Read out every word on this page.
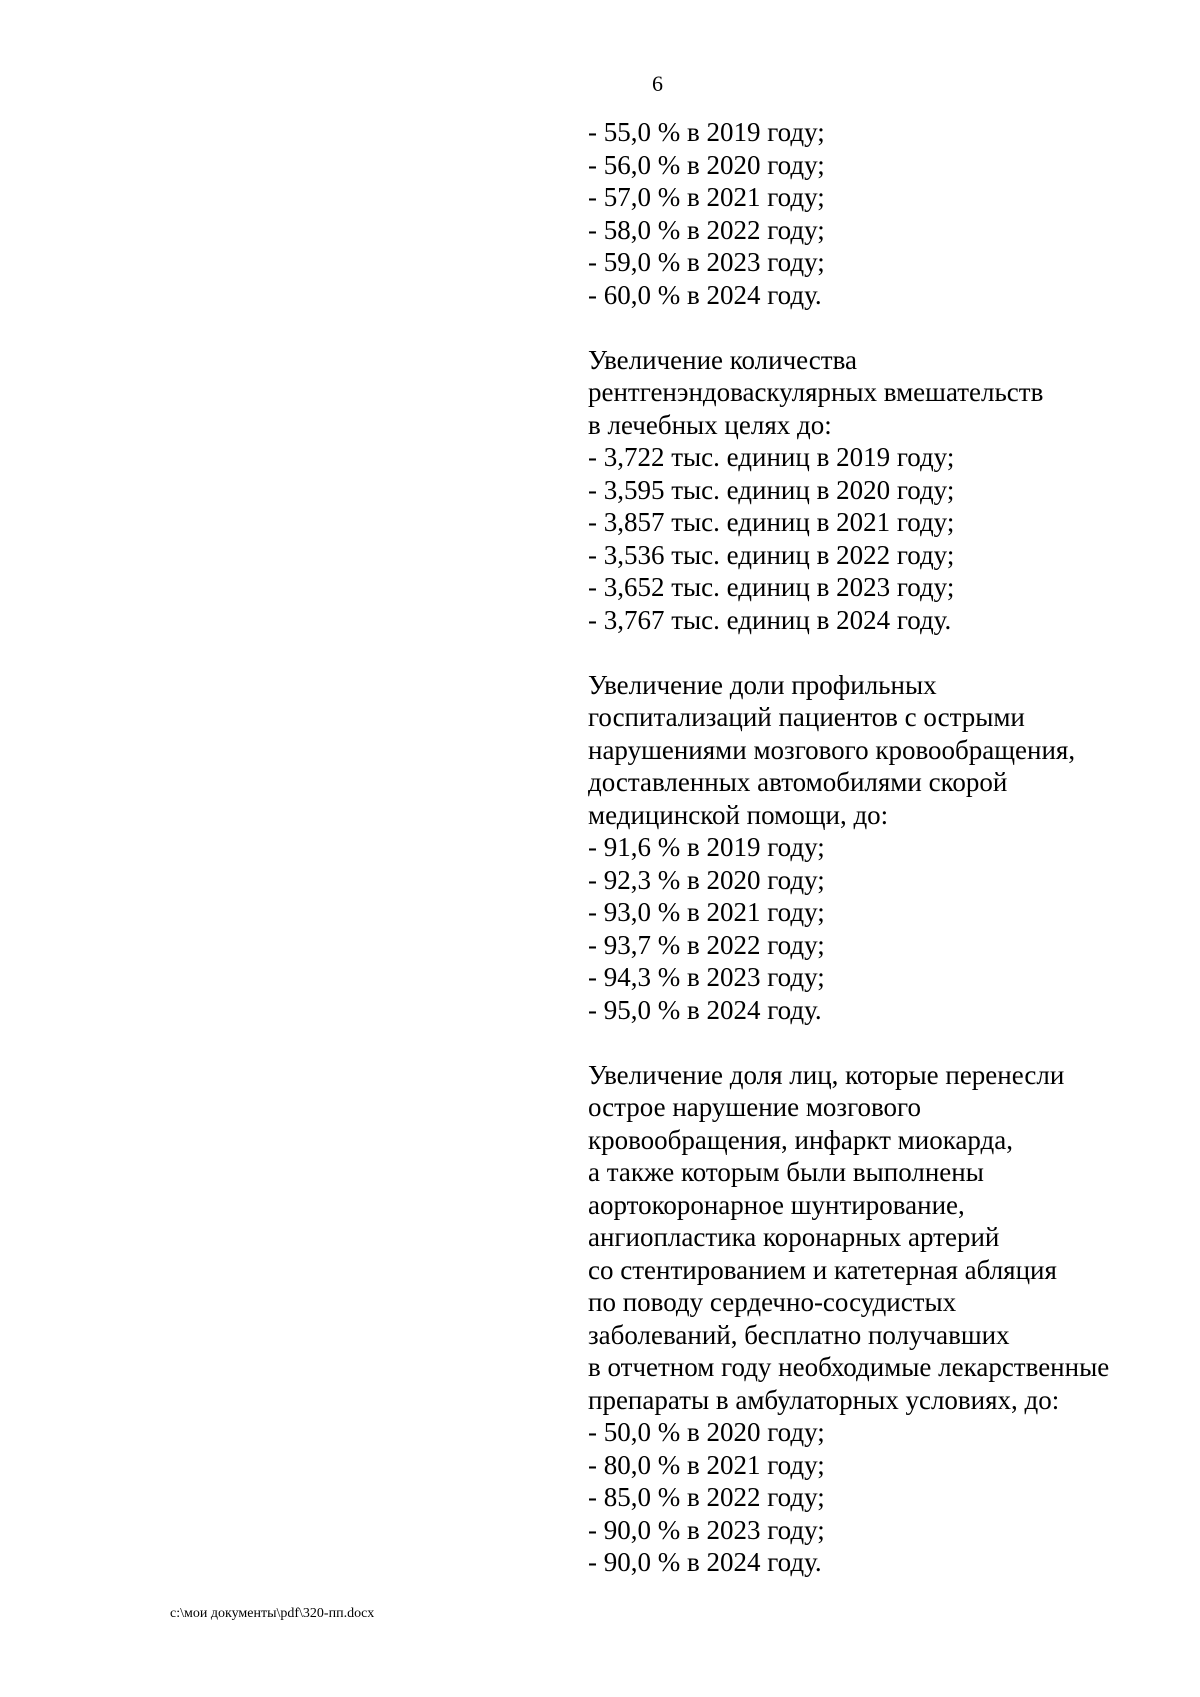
6

- 55,0 % в 2019 году;

- 56,0 % в 2020 году;

- 57,0 % в 2021 году;

- 58,0 % в 2022 году;

- 59,0 % в 2023 году;

- 60,0 % в 2024 году.

Увеличение количества

рентгенэндоваскулярных вмешательств

в лечебных целях до:

- 3,722 тыс. единиц в 2019 году;

- 3,595 тыс. единиц в 2020 году;

- 3,857 тыс. единиц в 2021 году;

- 3,536 тыс. единиц в 2022 году;

- 3,652 тыс. единиц в 2023 году;

- 3,767 тыс. единиц в 2024 году.

Увеличение доли профильных

госпитализаций пациентов с острыми

нарушениями мозгового кровообращения,

доставленных автомобилями скорой

медицинской помощи, до:

- 91,6 % в 2019 году;

- 92,3 % в 2020 году;

- 93,0 % в 2021 году;

- 93,7 % в 2022 году;

- 94,3 % в 2023 году;

- 95,0 % в 2024 году.

Увеличение доля лиц, которые перенесли

острое нарушение мозгового

кровообращения, инфаркт миокарда,

а также которым были выполнены

аортокоронарное шунтирование,

ангиопластика коронарных артерий

со стентированием и катетерная абляция

по поводу сердечно-сосудистых

заболеваний, бесплатно получавших

в отчетном году необходимые лекарственные

препараты в амбулаторных условиях, до:

- 50,0 % в 2020 году;

- 80,0 % в 2021 году;

- 85,0 % в 2022 году;

- 90,0 % в 2023 году;

- 90,0 % в 2024 году.

c:\мои документы\pdf\320-пп.docx
